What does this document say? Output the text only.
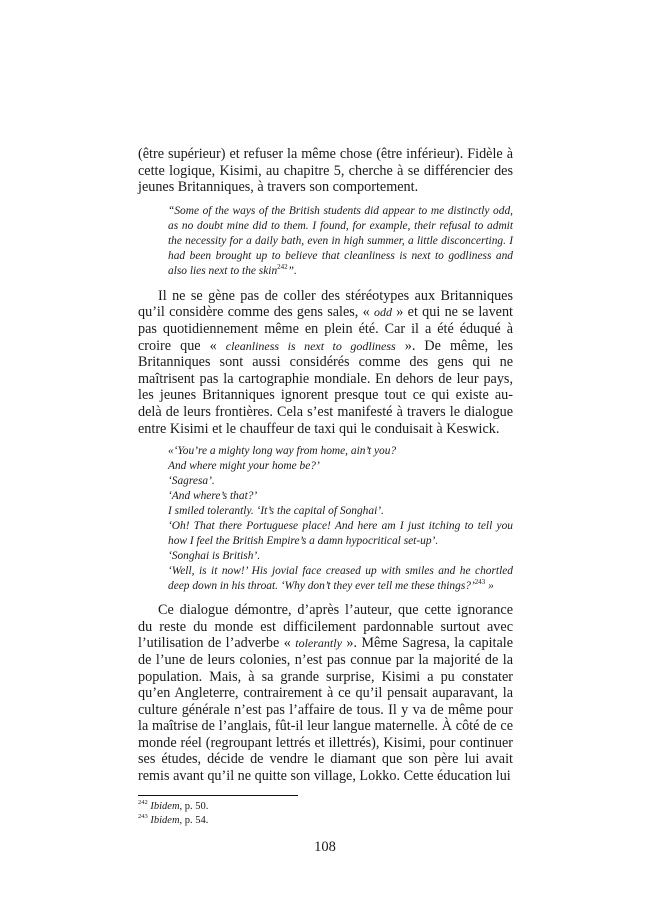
(être supérieur) et refuser la même chose (être inférieur). Fidèle à cette logique, Kisimi, au chapitre 5, cherche à se différencier des jeunes Britanniques, à travers son comportement.

“Some of the ways of the British students did appear to me distinctly odd, as no doubt mine did to them. I found, for example, their refusal to admit the necessity for a daily bath, even in high summer, a little disconcerting. I had been brought up to believe that cleanliness is next to godliness and also lies next to the skin$^{242}$”.

Il ne se gène pas de coller des stéréotypes aux Britanniques qu’il considère comme des gens sales, « odd » et qui ne se lavent pas quotidiennement même en plein été. Car il a été éduqué à croire que « cleanliness is next to godliness ». De même, les Britanniques sont aussi considérés comme des gens qui ne maîtrisent pas la cartographie mondiale. En dehors de leur pays, les jeunes Britanniques ignorent presque tout ce qui existe au-delà de leurs frontières. Cela s’est manifesté à travers le dialogue entre Kisimi et le chauffeur de taxi qui le conduisait à Keswick.

«‘You’re a mighty long way from home, ain’t you?
And where might your home be?’
‘Sagresa’.
‘And where’s that?’
I smiled tolerantly. ‘It’s the capital of Songhai’.
‘Oh! That there Portuguese place! And here am I just itching to tell you how I feel the British Empire’s a damn hypocritical set-up’.
‘Songhai is British’.
‘Well, is it now!’ His jovial face creased up with smiles and he chortled deep down in his throat. ‘Why don’t they ever tell me these things?’$^{243}$ »

Ce dialogue démontre, d’après l’auteur, que cette ignorance du reste du monde est difficilement pardonnable surtout avec l’utilisation de l’adverbe « tolerantly ». Même Sagresa, la capitale de l’une de leurs colonies, n’est pas connue par la majorité de la population. Mais, à sa grande surprise, Kisimi a pu constater qu’en Angleterre, contrairement à ce qu’il pensait auparavant, la culture générale n’est pas l’affaire de tous. Il y va de même pour la maîtrise de l’anglais, fût-il leur langue maternelle. À côté de ce monde réel (regroupant lettrés et illettrés), Kisimi, pour continuer ses études, décide de vendre le diamant que son père lui avait remis avant qu’il ne quitte son village, Lokko. Cette éducation lui

$^{242}$ Ibidem, p. 50.
$^{243}$ Ibidem, p. 54.
108
